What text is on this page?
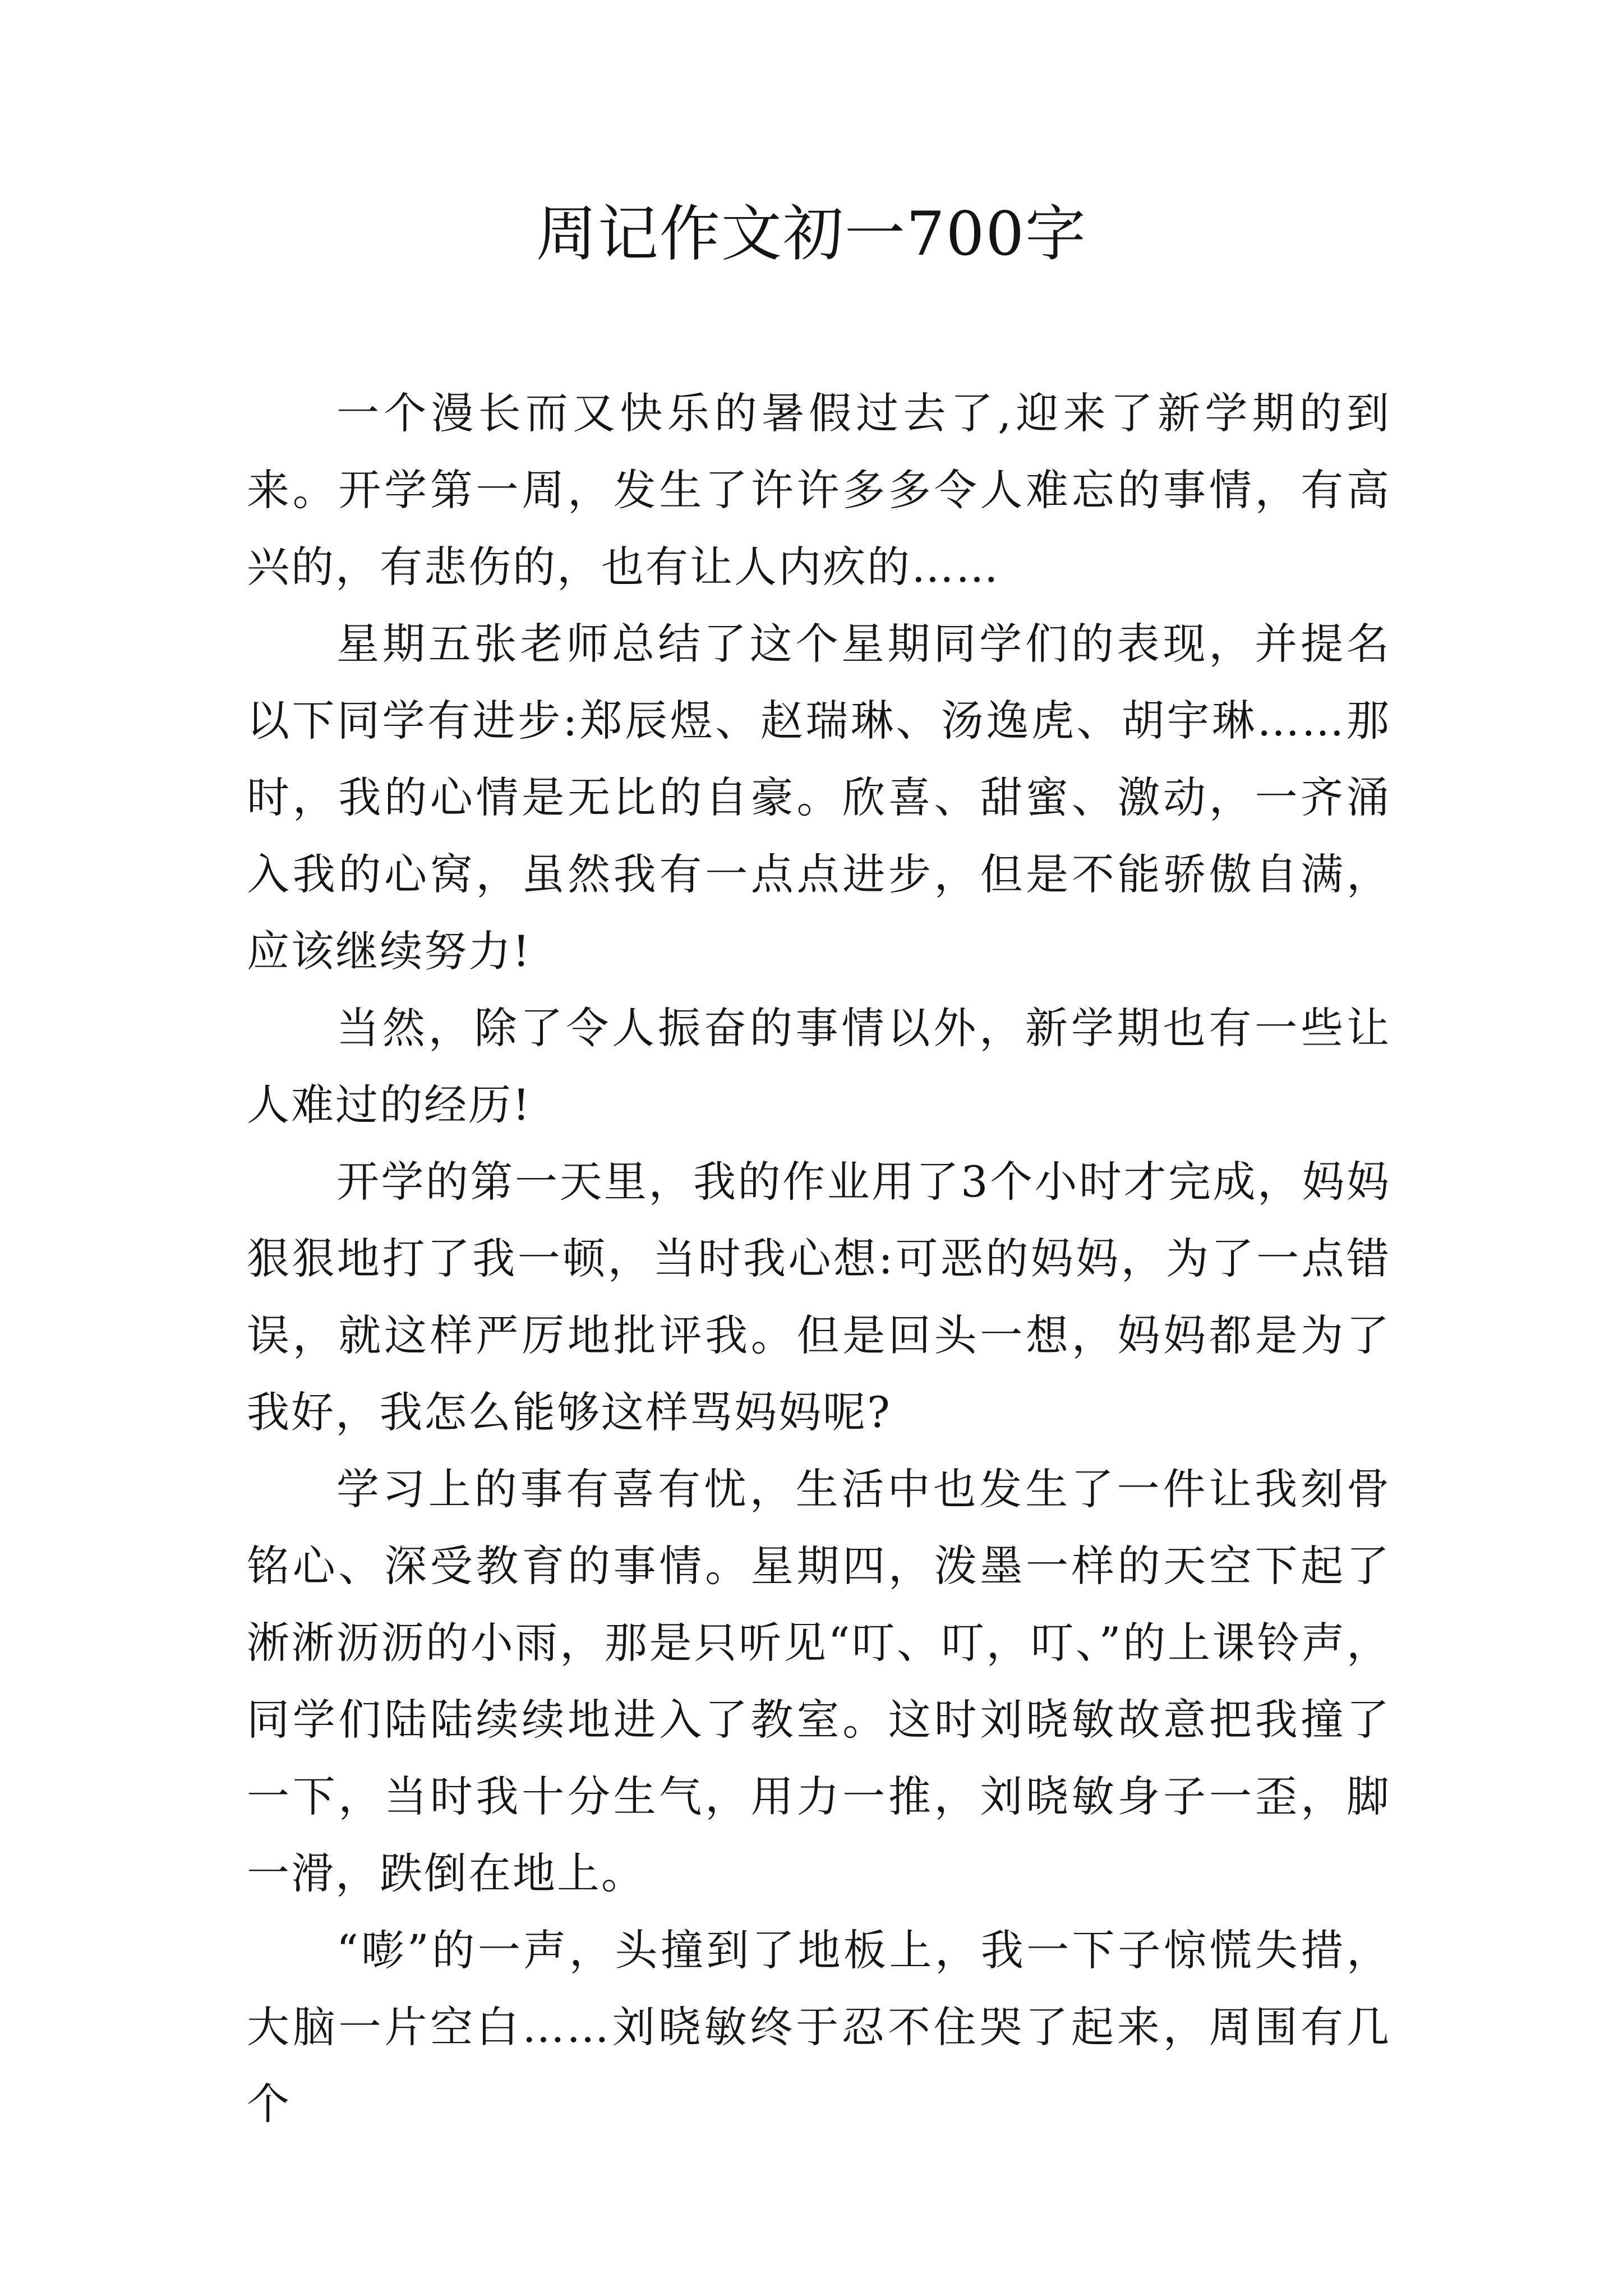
周记作文初一700字

一个漫长而又快乐的暑假过去了,迎来了新学期的到来。开学第一周，发生了许许多多令人难忘的事情，有高兴的，有悲伤的，也有让人内疚的……

星期五张老师总结了这个星期同学们的表现，并提名以下同学有进步:郑辰煜、赵瑞琳、汤逸虎、胡宇琳……那时，我的心情是无比的自豪。欣喜、甜蜜、激动，一齐涌入我的心窝，虽然我有一点点进步，但是不能骄傲自满，应该继续努力!

当然，除了令人振奋的事情以外，新学期也有一些让人难过的经历!

开学的第一天里，我的作业用了3个小时才完成，妈妈狠狠地打了我一顿，当时我心想:可恶的妈妈，为了一点错误，就这样严厉地批评我。但是回头一想，妈妈都是为了我好，我怎么能够这样骂妈妈呢?

学习上的事有喜有忧，生活中也发生了一件让我刻骨铭心、深受教育的事情。星期四，泼墨一样的天空下起了淅淅沥沥的小雨，那是只听见“叮、叮，叮、”的上课铃声，同学们陆陆续续地进入了教室。这时刘晓敏故意把我撞了一下，当时我十分生气，用力一推，刘晓敏身子一歪，脚一滑，跌倒在地上。

“嘭”的一声，头撞到了地板上，我一下子惊慌失措，大脑一片空白……刘晓敏终于忍不住哭了起来，周围有几个
